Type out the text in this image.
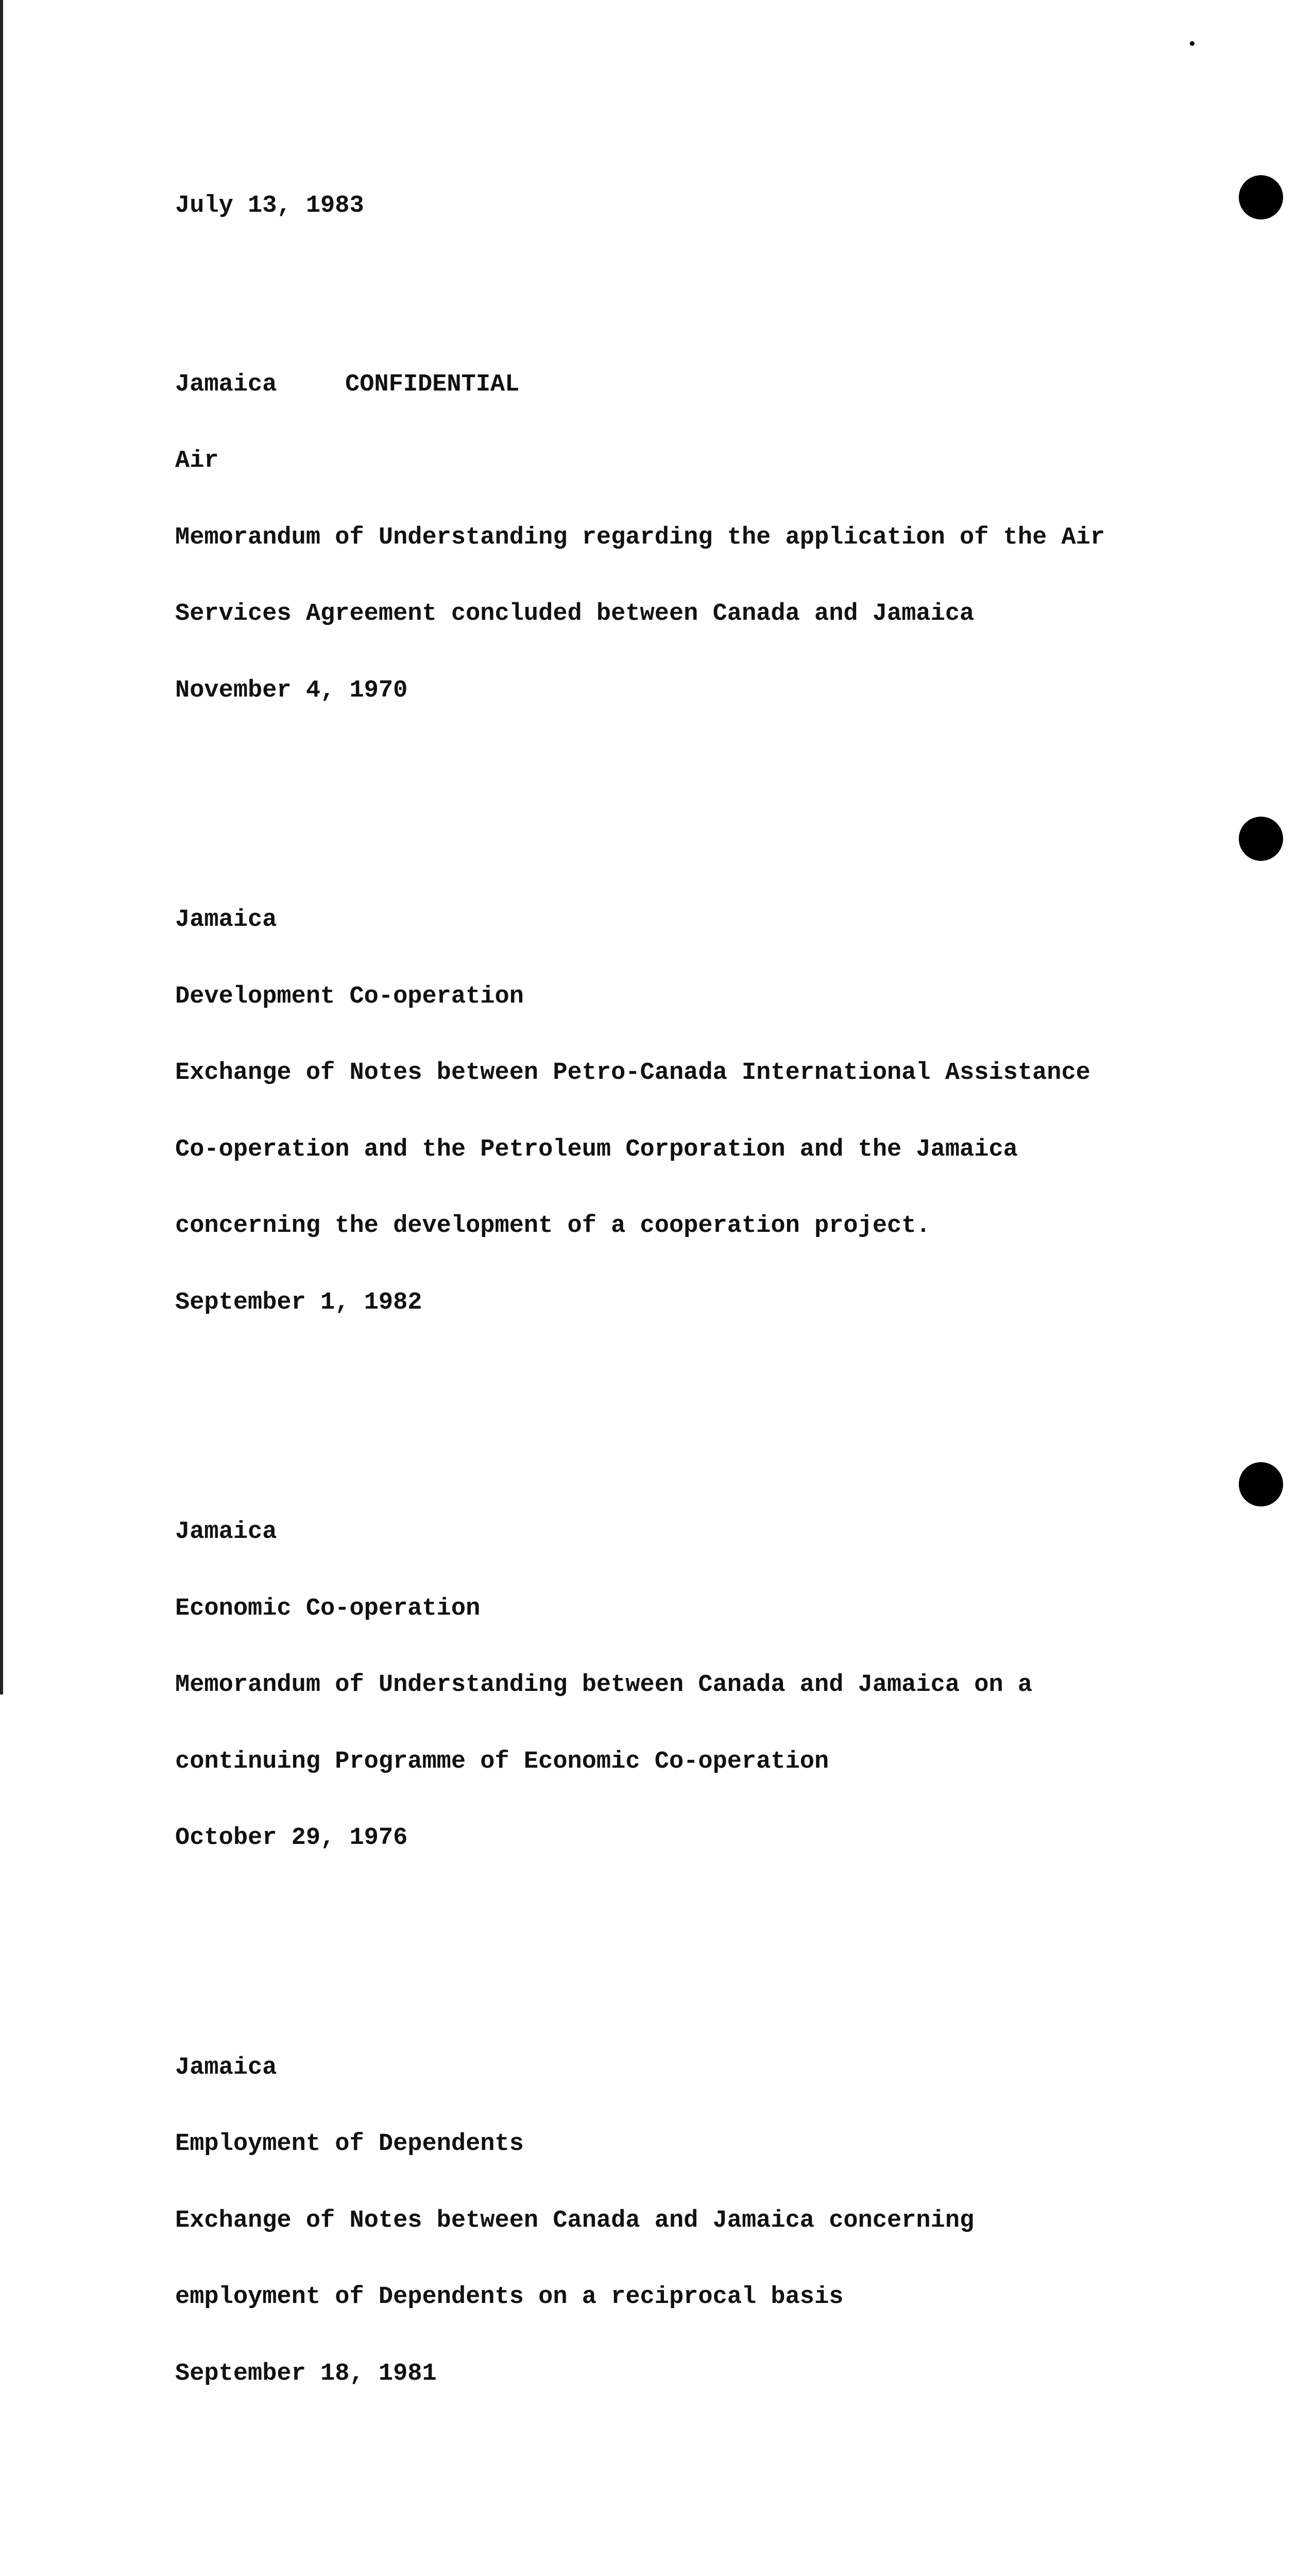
July 13, 1983

Jamaica	CONFIDENTIAL

Air

Memorandum of Understanding regarding the application of the Air

Services Agreement concluded between Canada and Jamaica

November 4, 1970

Jamaica

Development Co-operation

Exchange of Notes between Petro-Canada International Assistance

Co-operation and the Petroleum Corporation and the Jamaica

concerning the development of a cooperation project.

September 1, 1982

Jamaica

Economic Co-operation

Memorandum of Understanding between Canada and Jamaica on a

continuing Programme of Economic Co-operation

October 29, 1976

Jamaica

Employment of Dependents

Exchange of Notes between Canada and Jamaica concerning

employment of Dependents on a reciprocal basis

September 18, 1981
